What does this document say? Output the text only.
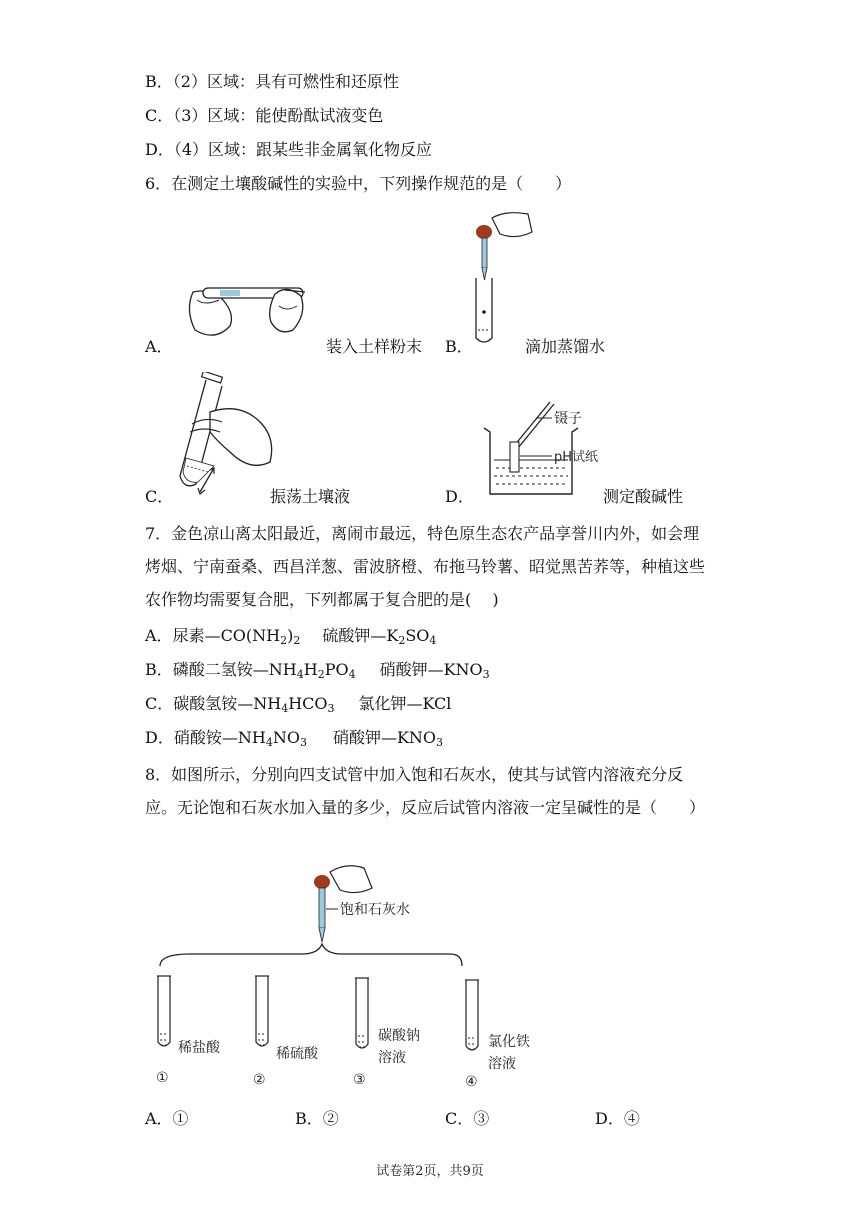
B．（2）区域：具有可燃性和还原性
C．（3）区域：能使酚酞试液变色
D．（4）区域：跟某些非金属氧化物反应
6．在测定土壤酸碱性的实验中，下列操作规范的是（　　）
A．	装入土样粉末 B．	滴加蒸馏水
C．	振荡土壤液
镊子
pH试纸
D．	测定酸碱性
7．金色凉山离太阳最近，离闹市最远，特色原生态农产品享誉川内外，如会理烤烟、宁南蚕桑、西昌洋葱、雷波脐橙、布拖马铃薯、昭觉黑苦荞等，种植这些农作物均需要复合肥，下列都属于复合肥的是(　 )
A．尿素$—CO(NH_2)_2$ 硫酸钾$—K_2SO_4$
B．磷酸二氢铵$—NH_4H_2PO_4$ 硝酸钾$—KNO_3$
C．碳酸氢铵$—NH_4HCO_3$ 氯化钾—KCl
D．硝酸铵$—NH_4NO_3$ 硝酸钾$—KNO_3$
8．如图所示，分别向四支试管中加入饱和石灰水，使其与试管内溶液充分反应。无论饱和石灰水加入量的多少，反应后试管内溶液一定呈碱性的是（　　）
饱和石灰水
稀盐酸
①
稀硫酸
②
碳酸钠
溶液
③
氯化铁
溶液
④
A．①	B．②	C．③	D．④
试卷第2页，共9页
